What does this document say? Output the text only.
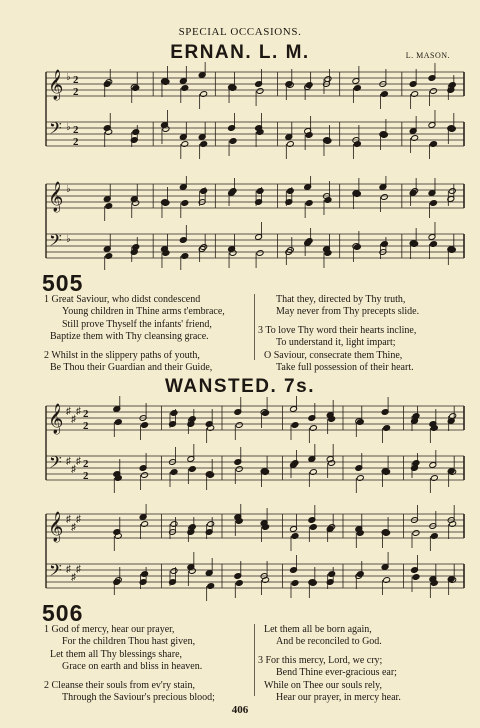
SPECIAL OCCASIONS.
ERNAN. L. M.	L. MASON.
𝄞
𝄢
♭ 2
2
♭ 2
2
𝄞
𝄢
♭
♭
505
1 Great Saviour, who didst condescend
Young children in Thine arms t'embrace,
Still prove Thyself the infants' friend,
Baptize them with Thy cleansing grace.
2 Whilst in the slippery paths of youth,
Be Thou their Guardian and their Guide,
That they, directed by Thy truth,
May never from Thy precepts slide.
3 To love Thy word their hearts incline,
To understand it, light impart;
O Saviour, consecrate them Thine,
Take full possession of their heart.
WANSTED. 7s.
𝄞
𝄢
♯
♯
♯ 2
2
♯
♯
♯ 2
2
𝄞
𝄢
♯
♯
♯
♯
♯
♯
506
1 God of mercy, hear our prayer,
For the children Thou hast given,
Let them all Thy blessings share,
Grace on earth and bliss in heaven.
2 Cleanse their souls from ev'ry stain,
Through the Saviour's precious blood;
Let them all be born again,
And be reconciled to God.
3 For this mercy, Lord, we cry;
Bend Thine ever-gracious ear;
While on Thee our souls rely,
Hear our prayer, in mercy hear.
406
